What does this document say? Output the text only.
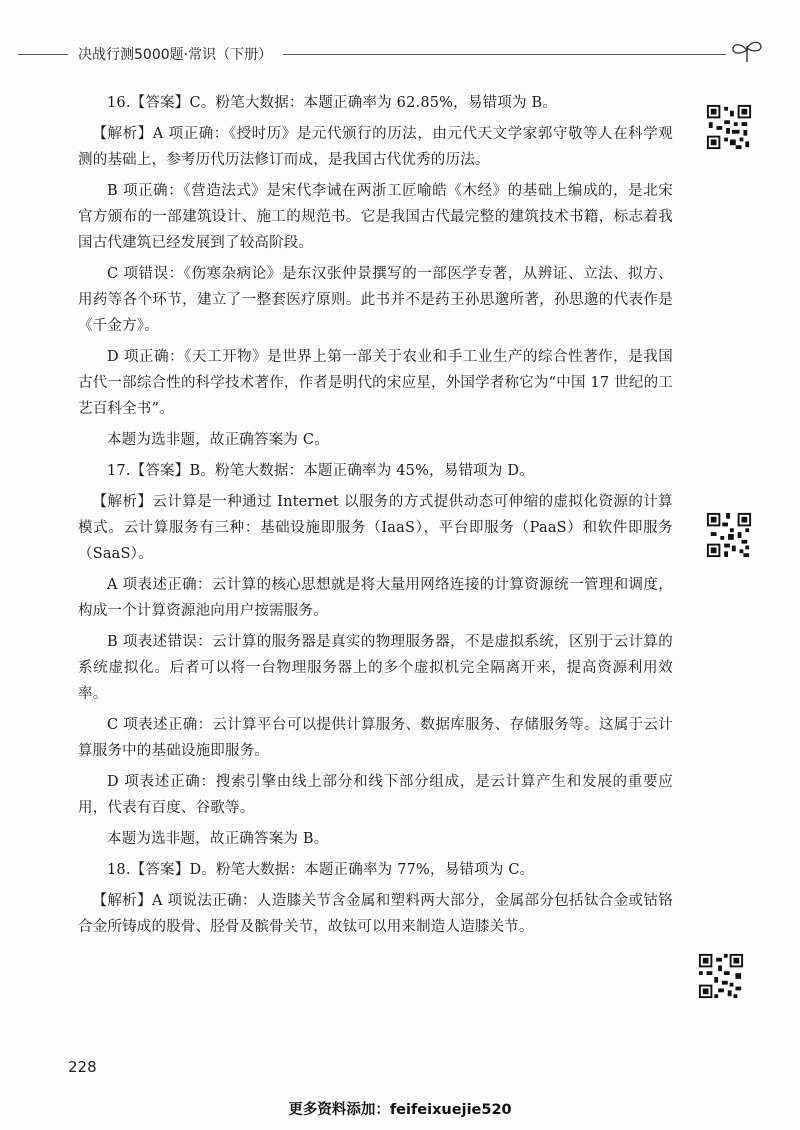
决战行测5000题·常识（下册）

16.【答案】C。粉笔大数据：本题正确率为 62.85%，易错项为 B。

【解析】A 项正确：《授时历》是元代颁行的历法，由元代天文学家郭守敬等人在科学观测的基础上，参考历代历法修订而成，是我国古代优秀的历法。

B 项正确：《营造法式》是宋代李诫在两浙工匠喻皓《木经》的基础上编成的，是北宋官方颁布的一部建筑设计、施工的规范书。它是我国古代最完整的建筑技术书籍，标志着我国古代建筑已经发展到了较高阶段。

C 项错误：《伤寒杂病论》是东汉张仲景撰写的一部医学专著，从辨证、立法、拟方、用药等各个环节，建立了一整套医疗原则。此书并不是药王孙思邈所著，孙思邈的代表作是《千金方》。

D 项正确：《天工开物》是世界上第一部关于农业和手工业生产的综合性著作，是我国古代一部综合性的科学技术著作，作者是明代的宋应星，外国学者称它为“中国 17 世纪的工艺百科全书”。

本题为选非题，故正确答案为 C。

17.【答案】B。粉笔大数据：本题正确率为 45%，易错项为 D。

【解析】云计算是一种通过 Internet 以服务的方式提供动态可伸缩的虚拟化资源的计算模式。云计算服务有三种：基础设施即服务（IaaS），平台即服务（PaaS）和软件即服务（SaaS）。

A 项表述正确：云计算的核心思想就是将大量用网络连接的计算资源统一管理和调度，构成一个计算资源池向用户按需服务。

B 项表述错误：云计算的服务器是真实的物理服务器，不是虚拟系统，区别于云计算的系统虚拟化。后者可以将一台物理服务器上的多个虚拟机完全隔离开来，提高资源利用效率。

C 项表述正确：云计算平台可以提供计算服务、数据库服务、存储服务等。这属于云计算服务中的基础设施即服务。

D 项表述正确：搜索引擎由线上部分和线下部分组成，是云计算产生和发展的重要应用，代表有百度、谷歌等。

本题为选非题，故正确答案为 B。

18.【答案】D。粉笔大数据：本题正确率为 77%，易错项为 C。

【解析】A 项说法正确：人造膝关节含金属和塑料两大部分，金属部分包括钛合金或钴铬合金所铸成的股骨、胫骨及髌骨关节，故钛可以用来制造人造膝关节。

228
更多资料添加：feifeixuejie520
